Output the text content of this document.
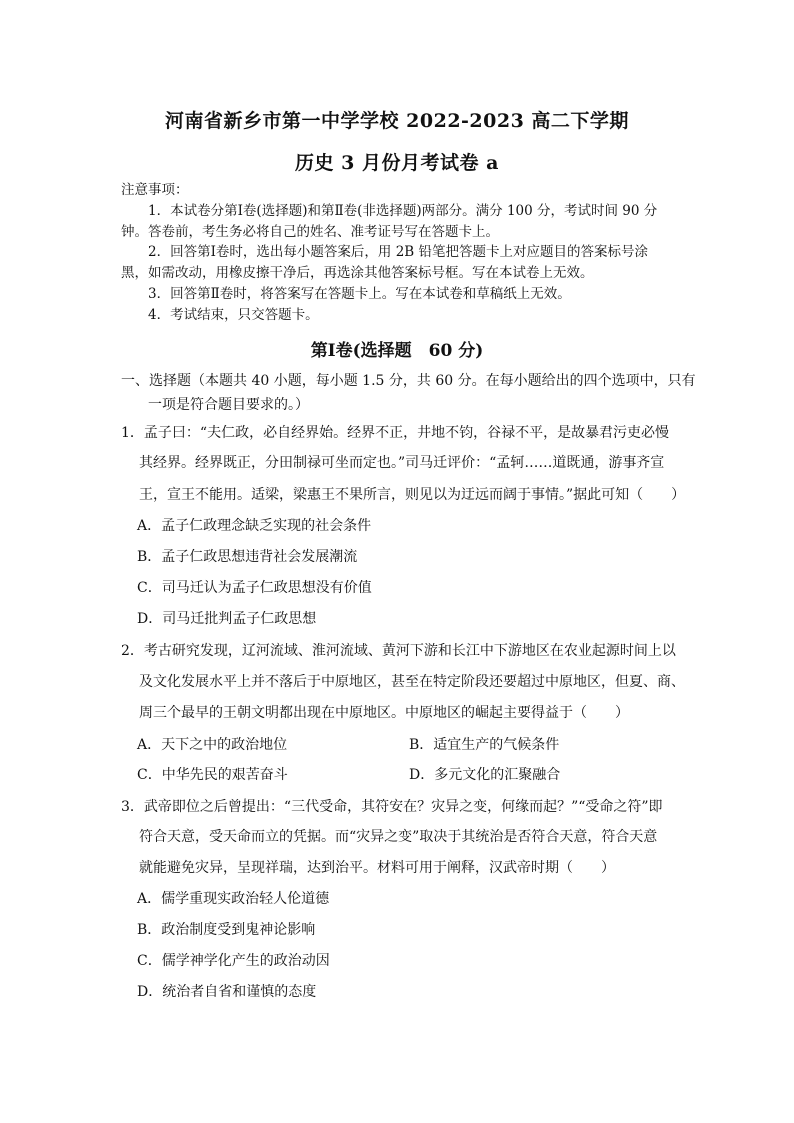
河南省新乡市第一中学学校 2022-2023 高二下学期
历史 3 月份月考试卷 a
注意事项：
1．本试卷分第Ⅰ卷(选择题)和第Ⅱ卷(非选择题)两部分。满分 100 分，考试时间 90 分
钟。答卷前，考生务必将自己的姓名、准考证号写在答题卡上。
2．回答第Ⅰ卷时，选出每小题答案后，用 2B 铅笔把答题卡上对应题目的答案标号涂
黑，如需改动，用橡皮擦干净后，再选涂其他答案标号框。写在本试卷上无效。
3．回答第Ⅱ卷时，将答案写在答题卡上。写在本试卷和草稿纸上无效。
4．考试结束，只交答题卡。
第Ⅰ卷(选择题　60 分)
一、选择题（本题共 40 小题，每小题 1.5 分，共 60 分。在每小题给出的四个选项中，只有
一项是符合题目要求的。）
1．孟子曰：“夫仁政，必自经界始。经界不正，井地不钧，谷禄不平，是故暴君污吏必慢
其经界。经界既正，分田制禄可坐而定也。”司马迁评价：“孟轲……道既通，游事齐宣
王，宣王不能用。适梁，梁惠王不果所言，则见以为迂远而阔于事情。”据此可知（　　）
A．孟子仁政理念缺乏实现的社会条件
B．孟子仁政思想违背社会发展潮流
C．司马迁认为孟子仁政思想没有价值
D．司马迁批判孟子仁政思想
2．考古研究发现，辽河流域、淮河流域、黄河下游和长江中下游地区在农业起源时间上以
及文化发展水平上并不落后于中原地区，甚至在特定阶段还要超过中原地区，但夏、商、
周三个最早的王朝文明都出现在中原地区。中原地区的崛起主要得益于（　　）
A．天下之中的政治地位	B．适宜生产的气候条件
C．中华先民的艰苦奋斗	D．多元文化的汇聚融合
3．武帝即位之后曾提出：“三代受命，其符安在？灾异之变，何缘而起？”“受命之符”即
符合天意，受天命而立的凭据。而“灾异之变”取决于其统治是否符合天意，符合天意
就能避免灾异，呈现祥瑞，达到治平。材料可用于阐释，汉武帝时期（　　）
A．儒学重现实政治轻人伦道德
B．政治制度受到鬼神论影响
C．儒学神学化产生的政治动因
D．统治者自省和谨慎的态度
